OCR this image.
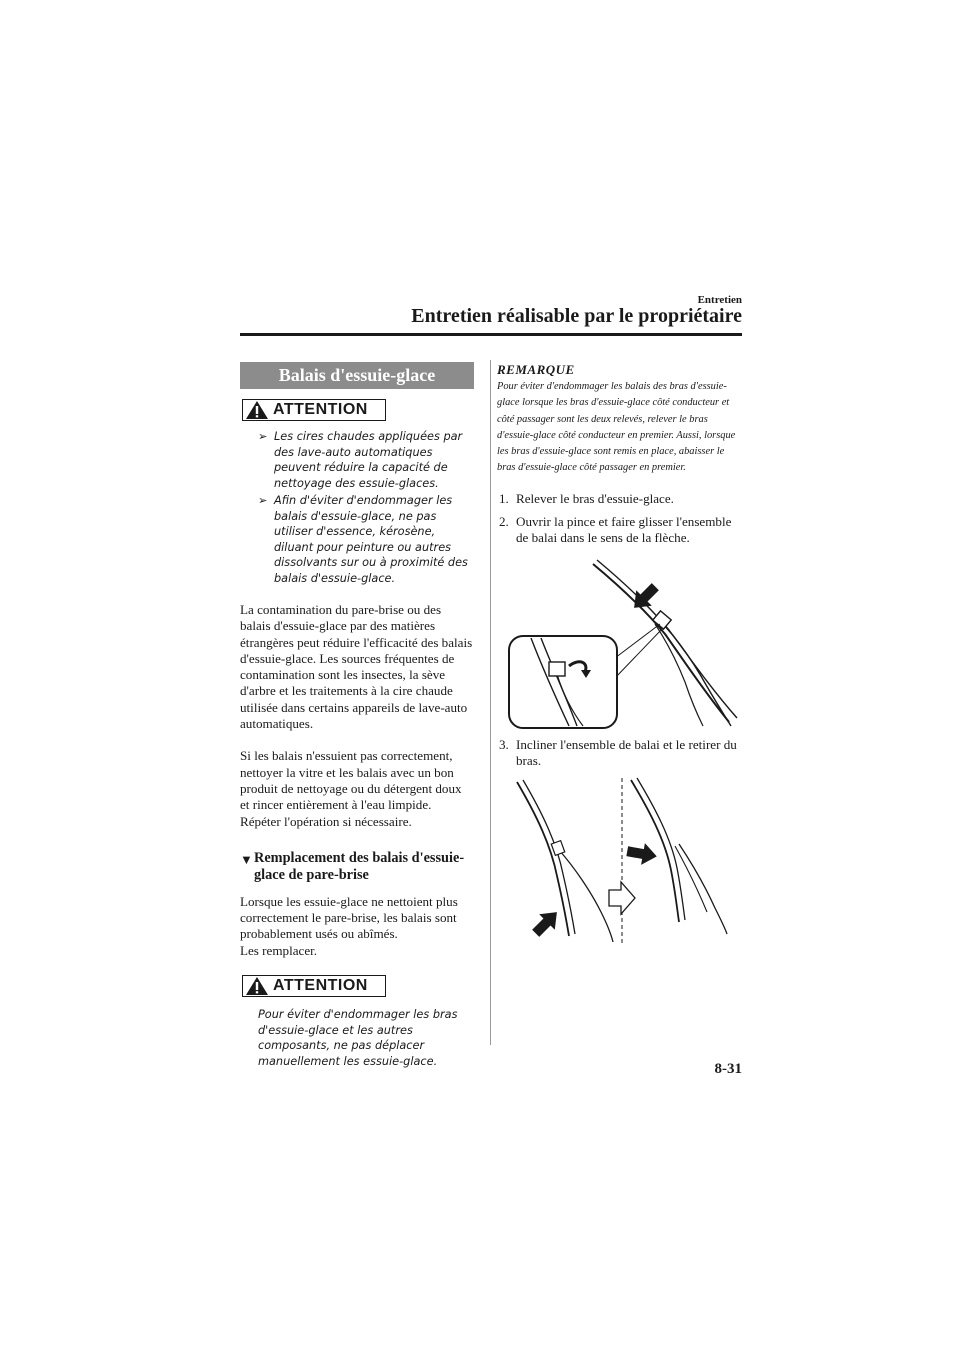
Entretien
Entretien réalisable par le propriétaire
Balais d'essuie-glace
ATTENTION
➢ Les cires chaudes appliquées par des lave-auto automatiques peuvent réduire la capacité de nettoyage des essuie-glaces.
➢ Afin d'éviter d'endommager les balais d'essuie-glace, ne pas utiliser d'essence, kérosène, diluant pour peinture ou autres dissolvants sur ou à proximité des balais d'essuie-glace.

La contamination du pare-brise ou des balais d'essuie-glace par des matières étrangères peut réduire l'efficacité des balais d'essuie-glace. Les sources fréquentes de contamination sont les insectes, la sève d'arbre et les traitements à la cire chaude utilisée dans certains appareils de lave-auto automatiques.

Si les balais n'essuient pas correctement, nettoyer la vitre et les balais avec un bon produit de nettoyage ou du détergent doux et rincer entièrement à l'eau limpide. Répéter l'opération si nécessaire.

▼ Remplacement des balais d'essuie-glace de pare-brise

Lorsque les essuie-glace ne nettoient plus correctement le pare-brise, les balais sont probablement usés ou abîmés.

Les remplacer.

ATTENTION
Pour éviter d'endommager les bras d'essuie-glace et les autres composants, ne pas déplacer manuellement les essuie-glace.
REMARQUE
Pour éviter d'endommager les balais des bras d'essuie-glace lorsque les bras d'essuie-glace côté conducteur et côté passager sont les deux relevés, relever le bras d'essuie-glace côté conducteur en premier. Aussi, lorsque les bras d'essuie-glace sont remis en place, abaisser le bras d'essuie-glace côté passager en premier.
1. Relever le bras d'essuie-glace.
2. Ouvrir la pince et faire glisser l'ensemble de balai dans le sens de la flèche.
3. Incliner l'ensemble de balai et le retirer du bras.
8-31
